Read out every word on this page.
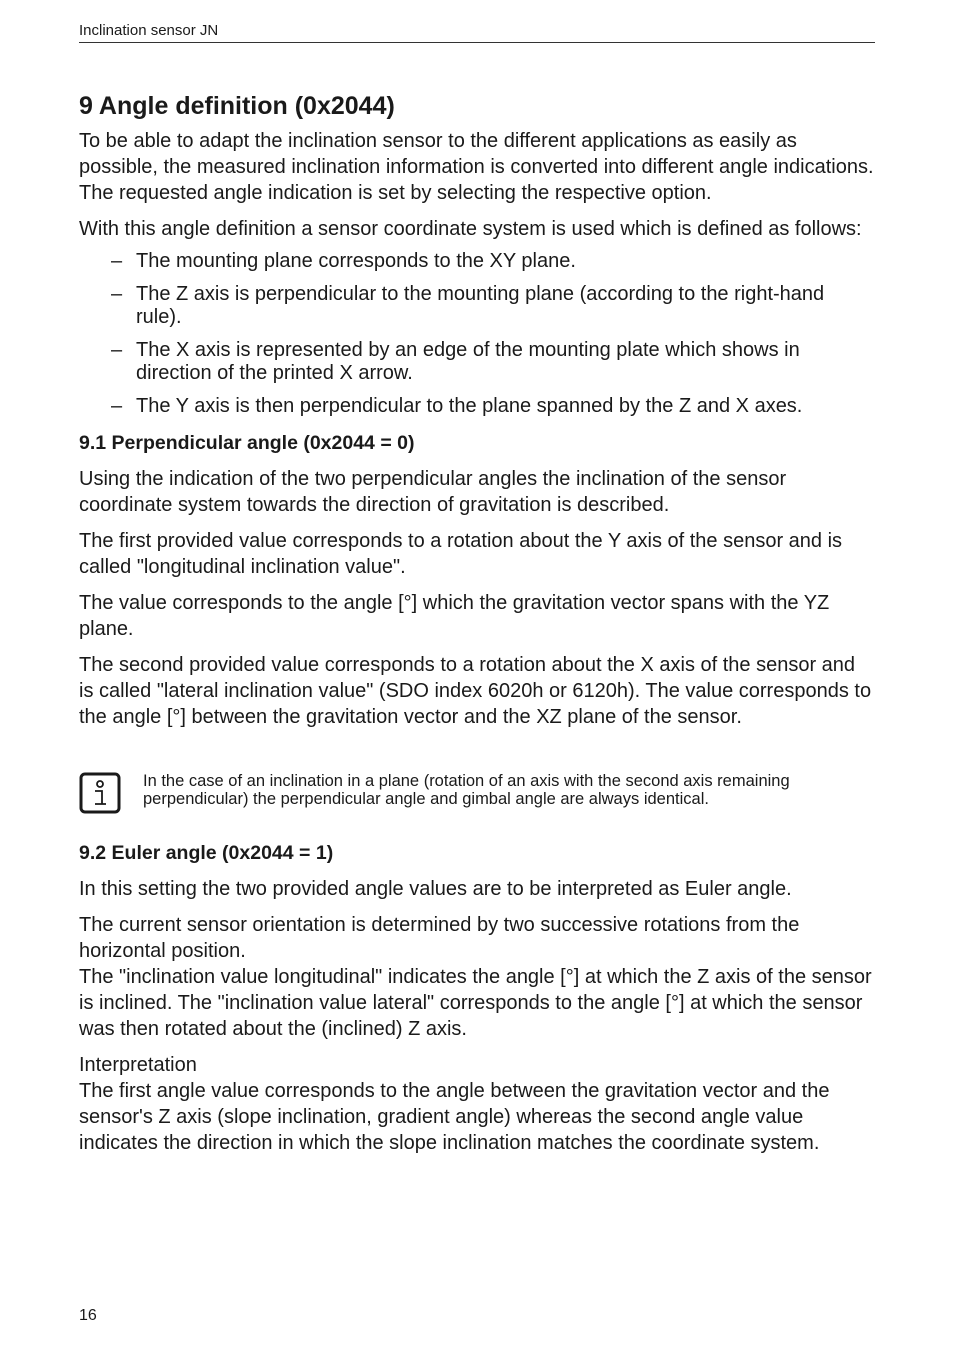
Inclination sensor JN
9 Angle definition (0x2044)

To be able to adapt the inclination sensor to the different applications as easily as possible, the measured inclination information is converted into different angle indications. The requested angle indication is set by selecting the respective option.

With this angle definition a sensor coordinate system is used which is defined as follows:

– The mounting plane corresponds to the XY plane.
– The Z axis is perpendicular to the mounting plane (according to the right-hand rule).
– The X axis is represented by an edge of the mounting plate which shows in direction of the printed X arrow.
– The Y axis is then perpendicular to the plane spanned by the Z and X axes.
9.1 Perpendicular angle (0x2044 = 0)

Using the indication of the two perpendicular angles the inclination of the sensor coordinate system towards the direction of gravitation is described.

The first provided value corresponds to a rotation about the Y axis of the sensor and is called "longitudinal inclination value".

The value corresponds to the angle [°] which the gravitation vector spans with the YZ plane.

The second provided value corresponds to a rotation about the X axis of the sensor and is called "lateral inclination value" (SDO index 6020h or 6120h). The value corresponds to the angle [°] between the gravitation vector and the XZ plane of the sensor.

In the case of an inclination in a plane (rotation of an axis with the second axis remaining perpendicular) the perpendicular angle and gimbal angle are always identical.
9.2 Euler angle (0x2044 = 1)

In this setting the two provided angle values are to be interpreted as Euler angle.

The current sensor orientation is determined by two successive rotations from the horizontal position.
The "inclination value longitudinal" indicates the angle [°] at which the Z axis of the sensor is inclined. The "inclination value lateral" corresponds to the angle [°] at which the sensor was then rotated about the (inclined) Z axis.

Interpretation
The first angle value corresponds to the angle between the gravitation vector and the sensor's Z axis (slope inclination, gradient angle) whereas the second angle value indicates the direction in which the slope inclination matches the coordinate system.

16
